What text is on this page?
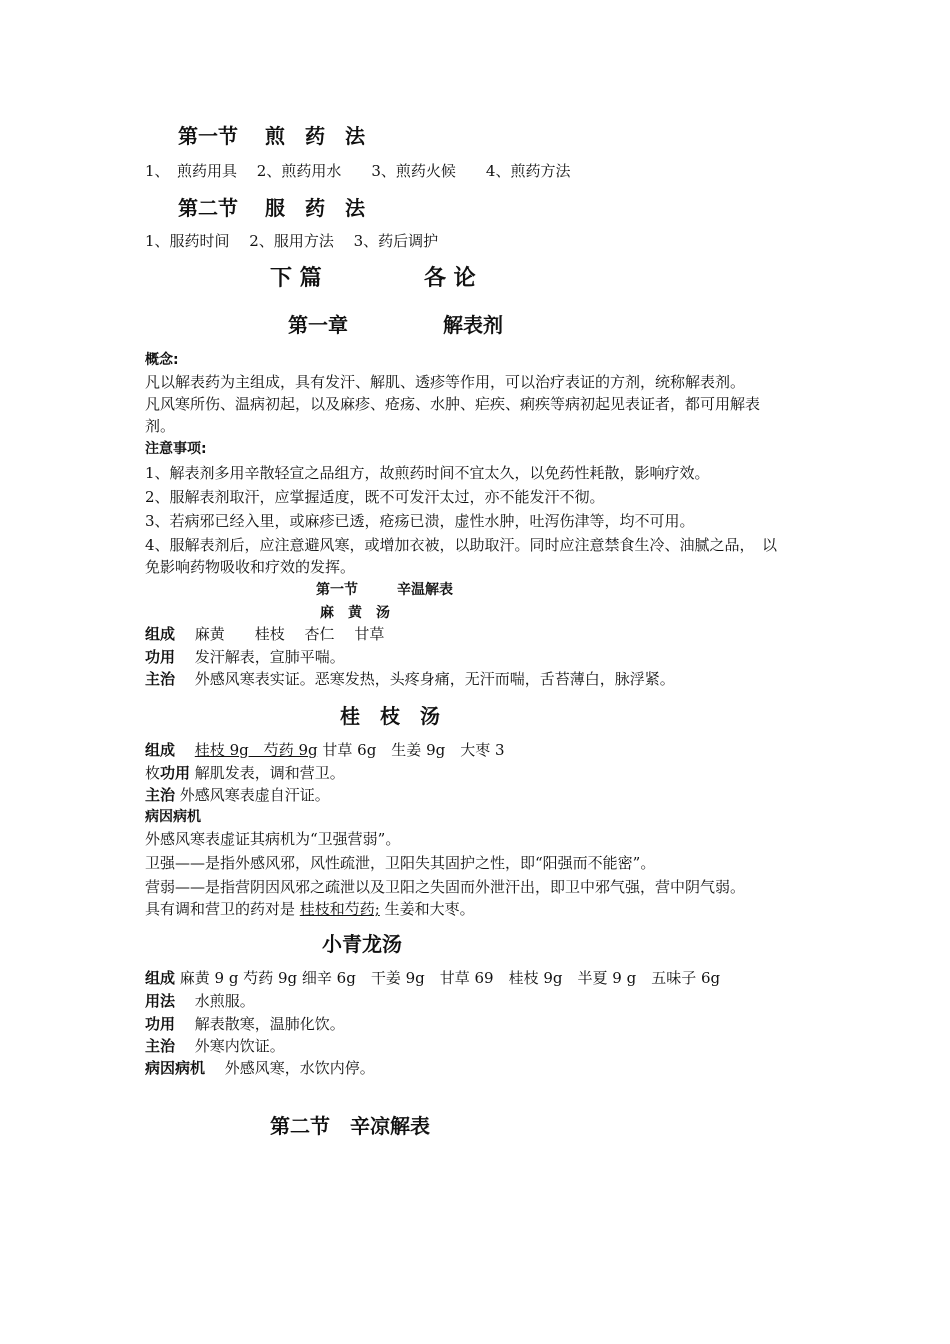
第一节　 煎　药　法
1、　煎药用具　 2、煎药用水　　3、煎药火候　　4、煎药方法
第二节　 服　药　法
1、服药时间　 2、服用方法　 3、药后调护
下 篇	各 论
第一章	解表剂
概念:
凡以解表药为主组成，具有发汗、解肌、透疹等作用，可以治疗表证的方剂，统称解表剂。
凡风寒所伤、温病初起，以及麻疹、疮疡、水肿、疟疾、痢疾等病初起见表证者，都可用解表
剂。
注意事项:
1、解表剂多用辛散轻宣之品组方，故煎药时间不宜太久，以免药性耗散，影响疗效。
2、服解表剂取汗，应掌握适度，既不可发汗太过，亦不能发汗不彻。
3、若病邪已经入里，或麻疹已透，疮疡已溃，虚性水肿，吐泻伤津等，均不可用。
4、服解表剂后，应注意避风寒，或增加衣被，以助取汗。同时应注意禁食生冷、油腻之品，　以
免影响药物吸收和疗效的发挥。
第一节	辛温解表
麻　黄　汤
组成　 麻黄　　桂枝　 杏仁　 甘草
功用　 发汗解表，宣肺平喘。
主治　 外感风寒表实证。恶寒发热，头疼身痛，无汗而喘，舌苔薄白，脉浮紧。
桂　枝　汤
组成　 桂枝 9g　芍药 9g 甘草 6g　生姜 9g　大枣 3
枚功用 解肌发表，调和营卫。
主治 外感风寒表虚自汗证。
病因病机
外感风寒表虚证其病机为“卫强营弱”。
卫强——是指外感风邪，风性疏泄，卫阳失其固护之性，即“阳强而不能密”。
营弱——是指营阴因风邪之疏泄以及卫阳之失固而外泄汗出，即卫中邪气强，营中阴气弱。
具有调和营卫的药对是 桂枝和芍药; 生姜和大枣。
小青龙汤
组成 麻黄 9 g 芍药 9g 细辛 6g　干姜 9g　甘草 69　桂枝 9g　半夏 9 g　五味子 6g
用法　 水煎服。
功用　 解表散寒，温肺化饮。
主治　 外寒内饮证。
病因病机　 外感风寒，水饮内停。
第二节　辛凉解表
